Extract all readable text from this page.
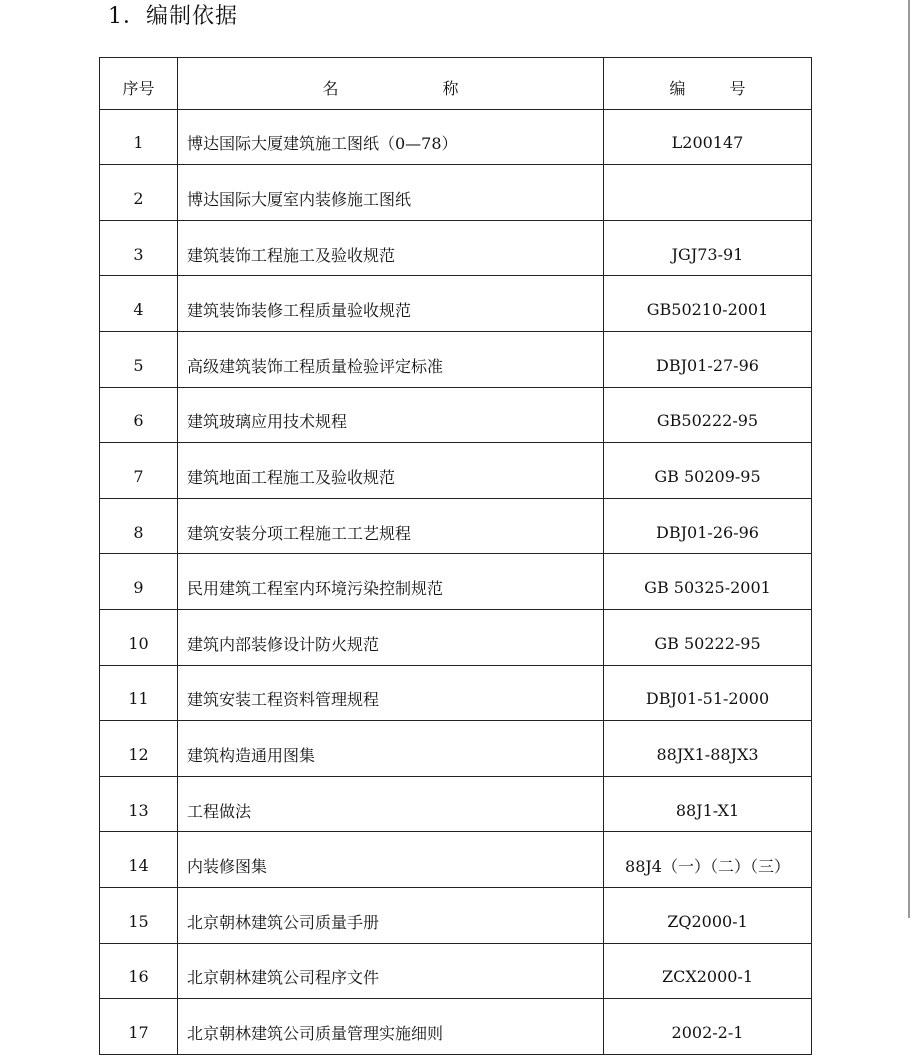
1．编制依据
序号	名 称	编 号
1	博达国际大厦建筑施工图纸（0—78）	L200147
2	博达国际大厦室内装修施工图纸	
3	建筑装饰工程施工及验收规范	JGJ73-91
4	建筑装饰装修工程质量验收规范	GB50210-2001
5	高级建筑装饰工程质量检验评定标准	DBJ01-27-96
6	建筑玻璃应用技术规程	GB50222-95
7	建筑地面工程施工及验收规范	GB 50209-95
8	建筑安装分项工程施工工艺规程	DBJ01-26-96
9	民用建筑工程室内环境污染控制规范	GB 50325-2001
10	建筑内部装修设计防火规范	GB 50222-95
11	建筑安装工程资料管理规程	DBJ01-51-2000
12	建筑构造通用图集	88JX1-88JX3
13	工程做法	88J1-X1
14	内装修图集	88J4（一）（二）（三）
15	北京朝林建筑公司质量手册	ZQ2000-1
16	北京朝林建筑公司程序文件	ZCX2000-1
17	北京朝林建筑公司质量管理实施细则	2002-2-1
